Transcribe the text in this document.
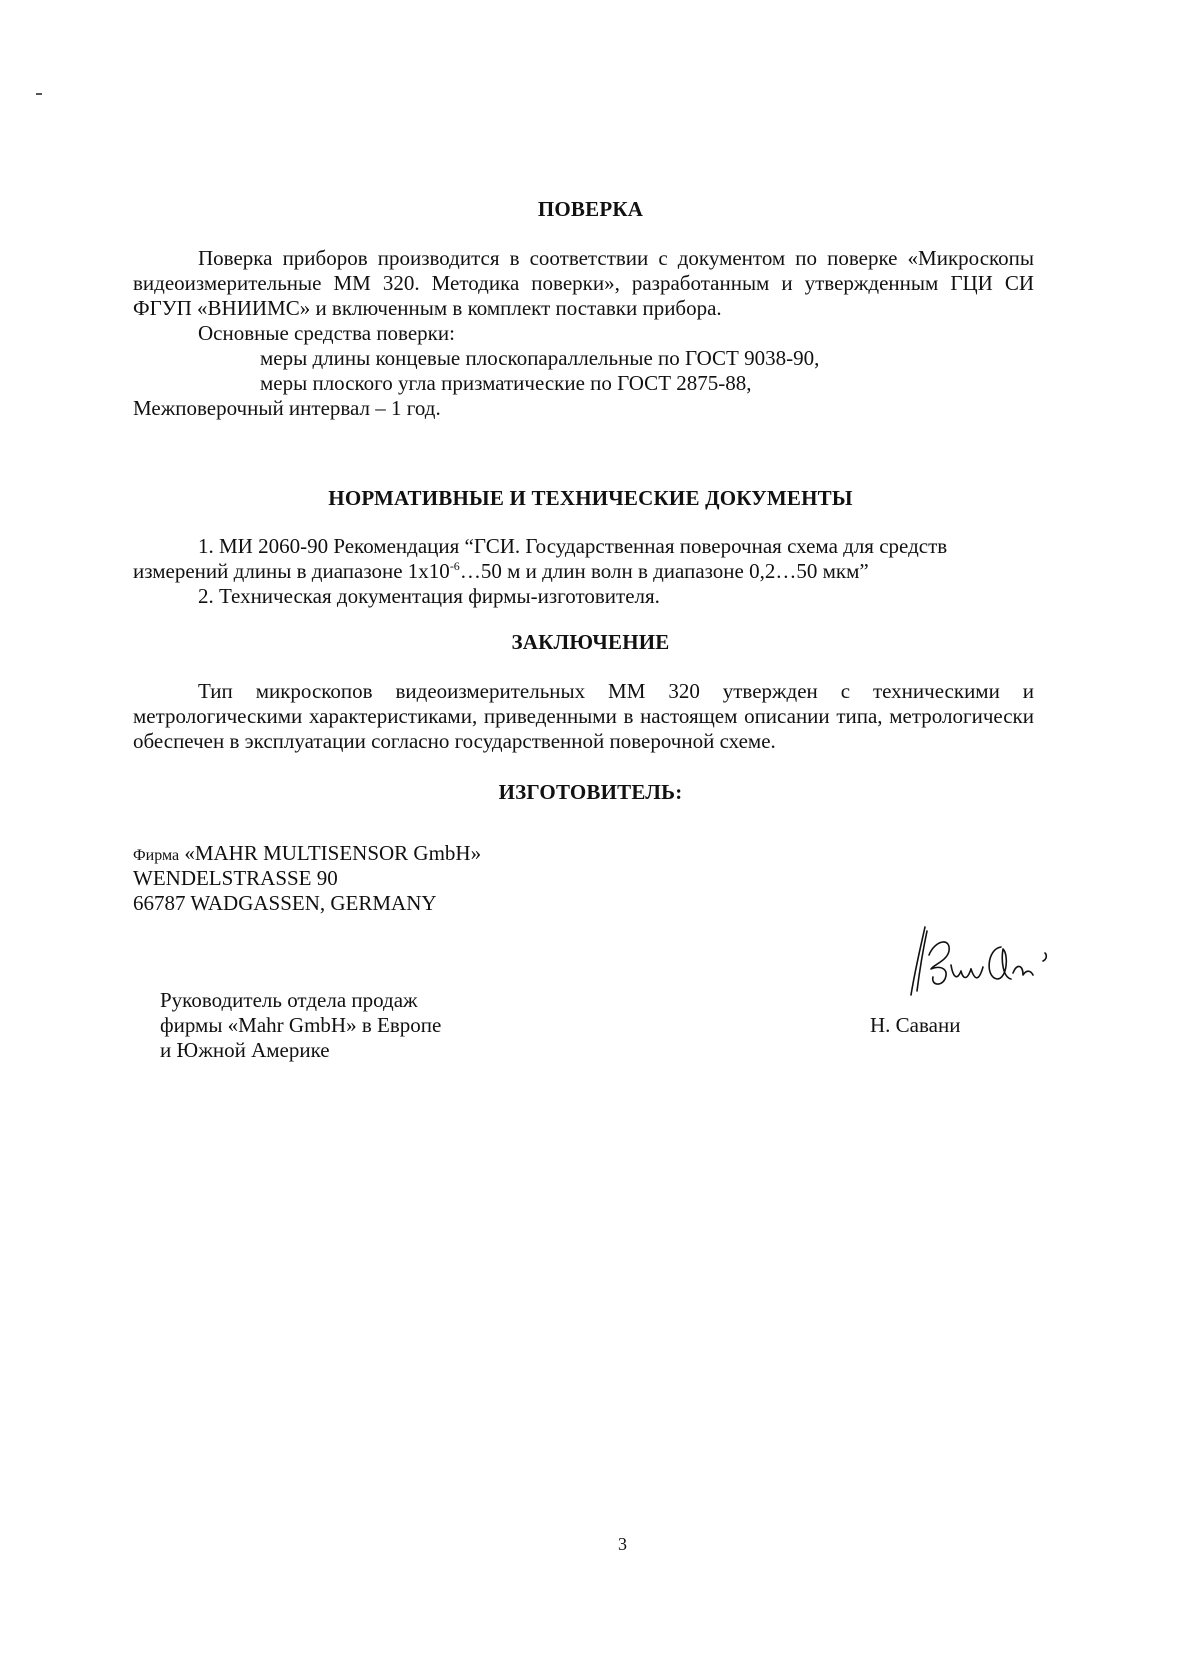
ПОВЕРКА
Поверка приборов производится в соответствии с документом по поверке «Микроскопы
видеоизмерительные ММ 320. Методика поверки», разработанным и утвержденным ГЦИ СИ
ФГУП «ВНИИМС» и включенным в комплект поставки прибора.
Основные средства поверки:
меры длины концевые плоскопараллельные по ГОСТ 9038-90,
меры плоского угла призматические по ГОСТ 2875-88,
Межповерочный интервал – 1 год.
НОРМАТИВНЫЕ И ТЕХНИЧЕСКИЕ ДОКУМЕНТЫ
1. МИ 2060-90 Рекомендация “ГСИ. Государственная поверочная схема для средств
измерений длины в диапазоне $1х10^{-6}\dots 50$ м и длин волн в диапазоне 0,2…50 мкм”
2. Техническая документация фирмы-изготовителя.
ЗАКЛЮЧЕНИЕ
Тип микроскопов видеоизмерительных ММ 320 утвержден с техническими и
метрологическими характеристиками, приведенными в настоящем описании типа, метрологически
обеспечен в эксплуатации согласно государственной поверочной схеме.
ИЗГОТОВИТЕЛЬ:
Фирма «MAHR MULTISENSOR GmbH»
WENDELSTRASSE 90
66787 WADGASSEN, GERMANY
Руководитель отдела продаж
фирмы «Mahr GmbH» в Европе
и Южной Америке
Н. Савани
3
